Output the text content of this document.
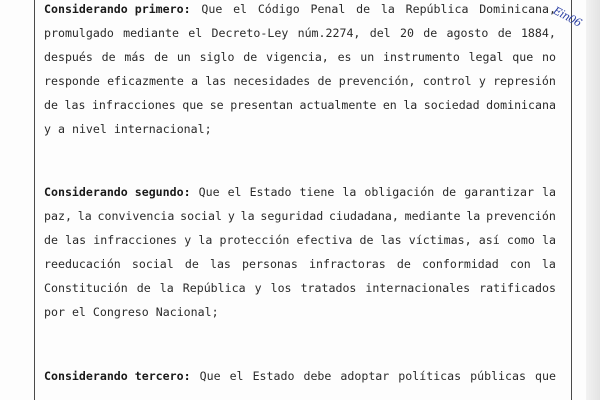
Ein06
Considerando primero: Que el Código Penal de la República Dominicana,
promulgado mediante el Decreto-Ley núm.2274, del 20 de agosto de 1884,
después de más de un siglo de vigencia, es un instrumento legal que no
responde eficazmente a las necesidades de prevención, control y represión
de las infracciones que se presentan actualmente en la sociedad dominicana
y a nivel internacional;
Considerando segundo: Que el Estado tiene la obligación de garantizar la
paz, la convivencia social y la seguridad ciudadana, mediante la prevención
de las infracciones y la protección efectiva de las víctimas, así como la
reeducación social de las personas infractoras de conformidad con la
Constitución de la República y los tratados internacionales ratificados
por el Congreso Nacional;
Considerando tercero: Que el Estado debe adoptar políticas públicas que
